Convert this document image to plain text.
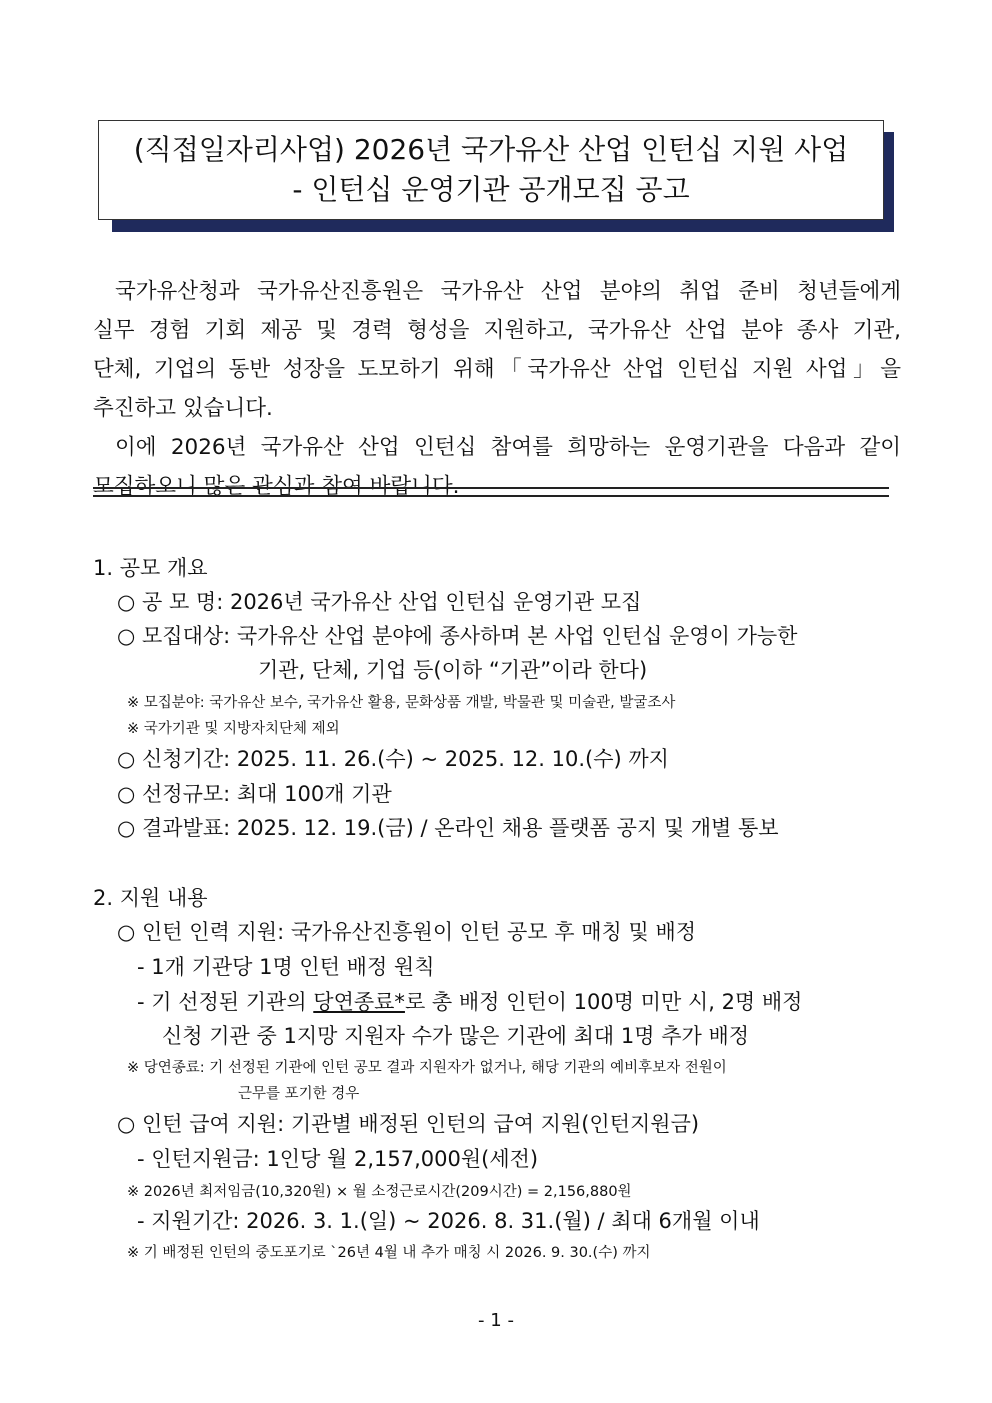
(직접일자리사업) 2026년 국가유산 산업 인턴십 지원 사업
- 인턴십 운영기관 공개모집 공고

국가유산청과 국가유산진흥원은 국가유산 산업 분야의 취업 준비 청년들에게

실무 경험 기회 제공 및 경력 형성을 지원하고, 국가유산 산업 분야 종사 기관,

단체, 기업의 동반 성장을 도모하기 위해「국가유산 산업 인턴십 지원 사업」을

추진하고 있습니다.

이에 2026년 국가유산 산업 인턴십 참여를 희망하는 운영기관을 다음과 같이

모집하오니 많은 관심과 참여 바랍니다.

1. 공모 개요
○ 공 모 명: 2026년 국가유산 산업 인턴십 운영기관 모집
○ 모집대상: 국가유산 산업 분야에 종사하며 본 사업 인턴십 운영이 가능한
기관, 단체, 기업 등(이하 “기관”이라 한다)
※ 모집분야: 국가유산 보수, 국가유산 활용, 문화상품 개발, 박물관 및 미술관, 발굴조사
※ 국가기관 및 지방자치단체 제외
○ 신청기간: 2025. 11. 26.(수) ~ 2025. 12. 10.(수) 까지
○ 선정규모: 최대 100개 기관
○ 결과발표: 2025. 12. 19.(금) / 온라인 채용 플랫폼 공지 및 개별 통보
2. 지원 내용
○ 인턴 인력 지원: 국가유산진흥원이 인턴 공모 후 매칭 및 배정
- 1개 기관당 1명 인턴 배정 원칙
- 기 선정된 기관의 당연종료*로 총 배정 인턴이 100명 미만 시, 2명 배정
신청 기관 중 1지망 지원자 수가 많은 기관에 최대 1명 추가 배정
※ 당연종료: 기 선정된 기관에 인턴 공모 결과 지원자가 없거나, 해당 기관의 예비후보자 전원이
근무를 포기한 경우
○ 인턴 급여 지원: 기관별 배정된 인턴의 급여 지원(인턴지원금)
- 인턴지원금: 1인당 월 2,157,000원(세전)
※ 2026년 최저임금(10,320원) × 월 소정근로시간(209시간) = 2,156,880원
- 지원기간: 2026. 3. 1.(일) ~ 2026. 8. 31.(월) / 최대 6개월 이내
※ 기 배정된 인턴의 중도포기로 `26년 4월 내 추가 매칭 시 2026. 9. 30.(수) 까지
- 1 -
